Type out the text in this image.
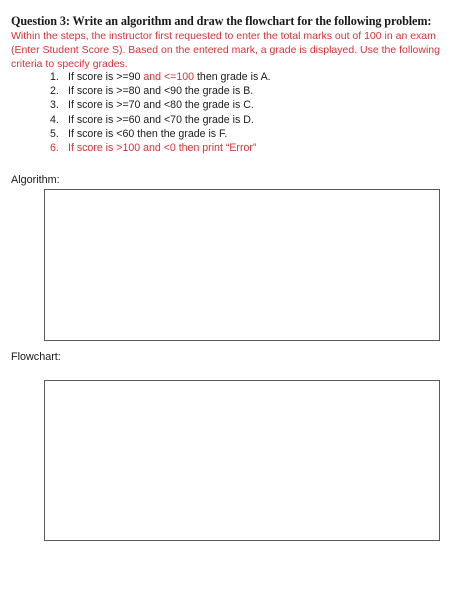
Question 3: Write an algorithm and draw the flowchart for the following problem:
Within the steps, the instructor first requested to enter the total marks out of 100 in an exam (Enter Student Score S). Based on the entered mark, a grade is displayed. Use the following criteria to specify grades.
1. If score is >=90 and <=100 then grade is A.
2. If score is >=80 and <90 the grade is B.
3. If score is >=70 and <80 the grade is C.
4. If score is >=60 and <70 the grade is D.
5. If score is <60 then the grade is F.
6. If score is >100 and <0 then print “Error”
Algorithm:
Flowchart:
